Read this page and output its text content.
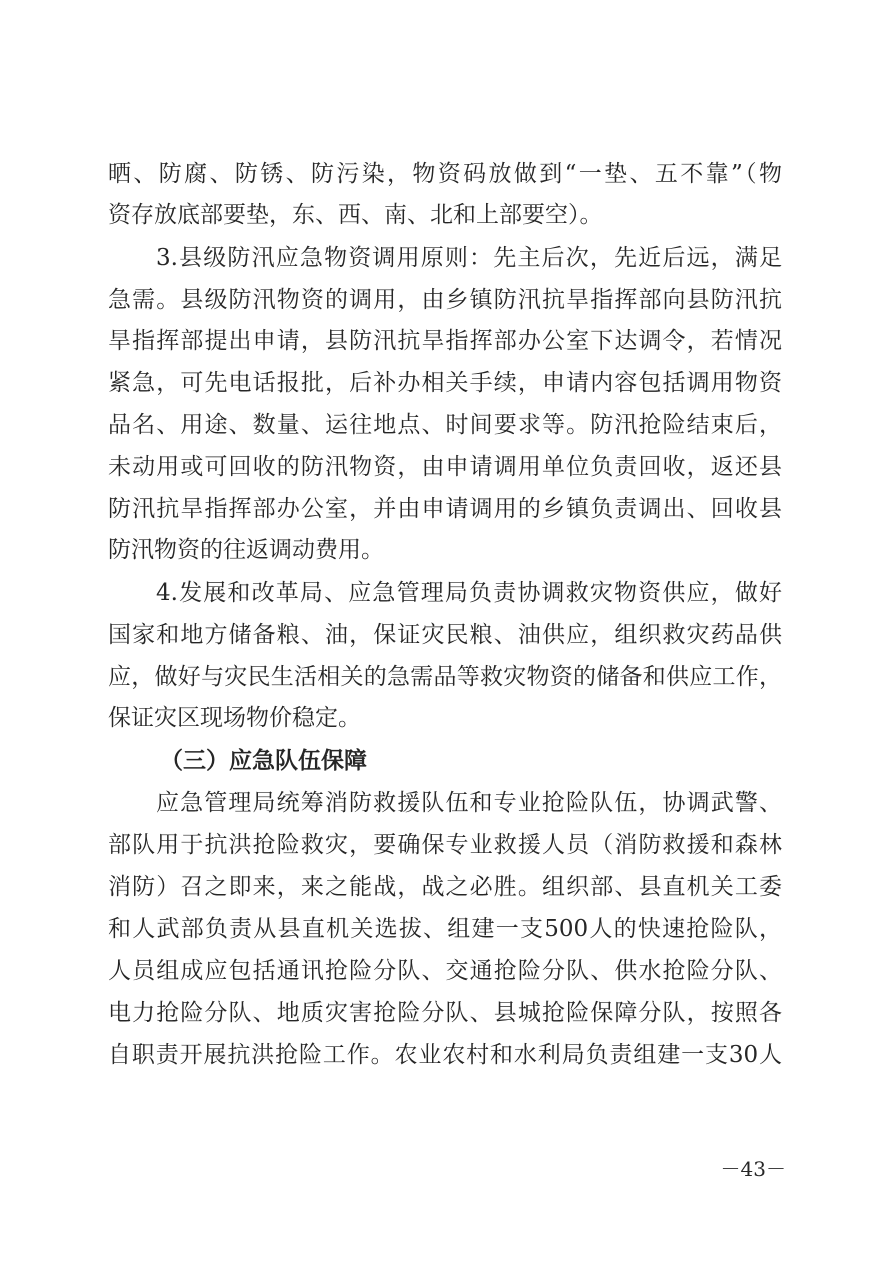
晒、防腐、防锈、防污染，物资码放做到“一垫、五不靠”（物
资存放底部要垫，东、西、南、北和上部要空）。
3.县级防汛应急物资调用原则：先主后次，先近后远，满足
急需。县级防汛物资的调用，由乡镇防汛抗旱指挥部向县防汛抗
旱指挥部提出申请，县防汛抗旱指挥部办公室下达调令，若情况
紧急，可先电话报批，后补办相关手续，申请内容包括调用物资
品名、用途、数量、运往地点、时间要求等。防汛抢险结束后，
未动用或可回收的防汛物资，由申请调用单位负责回收，返还县
防汛抗旱指挥部办公室，并由申请调用的乡镇负责调出、回收县
防汛物资的往返调动费用。
4.发展和改革局、应急管理局负责协调救灾物资供应，做好
国家和地方储备粮、油，保证灾民粮、油供应，组织救灾药品供
应，做好与灾民生活相关的急需品等救灾物资的储备和供应工作，
保证灾区现场物价稳定。
（三）应急队伍保障
应急管理局统筹消防救援队伍和专业抢险队伍，协调武警、
部队用于抗洪抢险救灾，要确保专业救援人员（消防救援和森林
消防）召之即来，来之能战，战之必胜。组织部、县直机关工委
和人武部负责从县直机关选拔、组建一支500人的快速抢险队，
人员组成应包括通讯抢险分队、交通抢险分队、供水抢险分队、
电力抢险分队、地质灾害抢险分队、县城抢险保障分队，按照各
自职责开展抗洪抢险工作。农业农村和水利局负责组建一支30人
－43－
